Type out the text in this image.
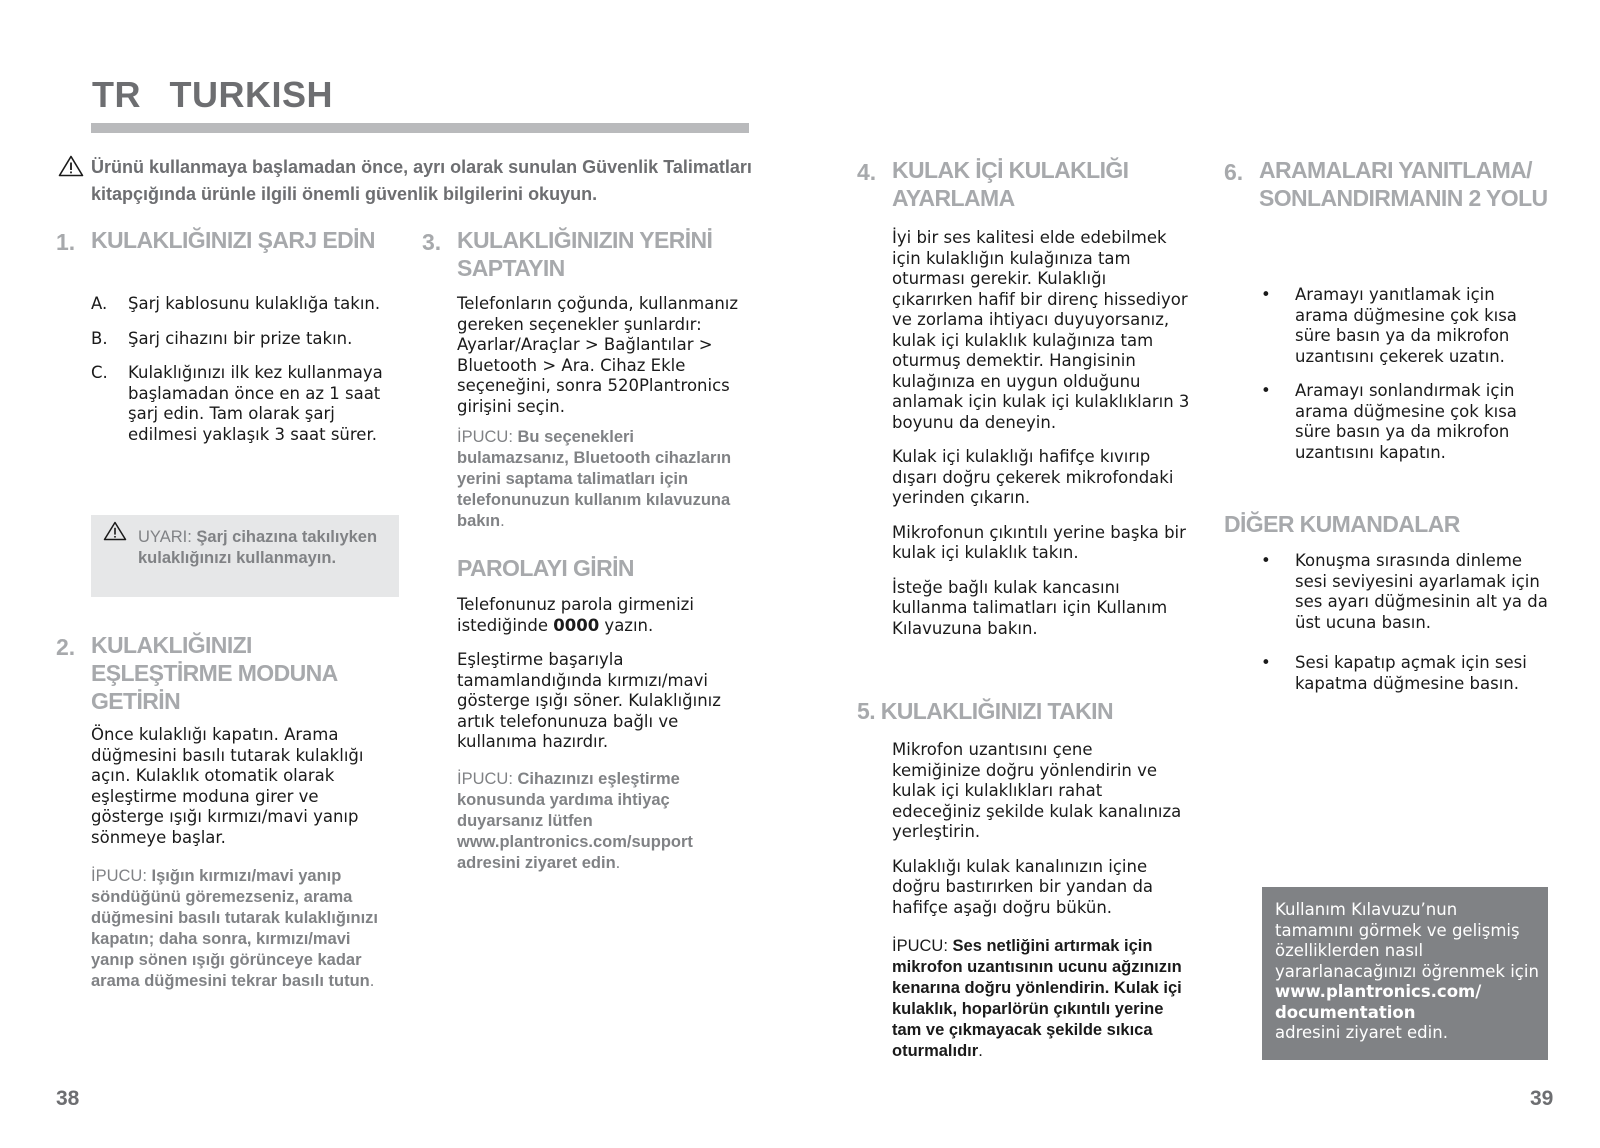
TR TURKISH
Ürünü kullanmaya başlamadan önce, ayrı olarak sunulan Güvenlik Talimatları kitapçığında ürünle ilgili önemli güvenlik bilgilerini okuyun.
1. KULAKLIĞINIZI ŞARJ EDİN
A. Şarj kablosunu kulaklığa takın.
B. Şarj cihazını bir prize takın.
C. Kulaklığınızı ilk kez kullanmaya başlamadan önce en az 1 saat şarj edin. Tam olarak şarj edilmesi yaklaşık 3 saat sürer.
UYARI: Şarj cihazına takılıyken kulaklığınızı kullanmayın.
2. KULAKLIĞINIZI EŞLEŞTİRME MODUNA GETİRİN
Önce kulaklığı kapatın. Arama düğmesini basılı tutarak kulaklığı açın. Kulaklık otomatik olarak eşleştirme moduna girer ve gösterge ışığı kırmızı/mavi yanıp sönmeye başlar.
İPUCU: Işığın kırmızı/mavi yanıp söndüğünü göremezseniz, arama düğmesini basılı tutarak kulaklığınızı kapatın; daha sonra, kırmızı/mavi yanıp sönen ışığı görünceye kadar arama düğmesini tekrar basılı tutun.
3. KULAKLIĞINIZIN YERİNİ SAPTAYIN
Telefonların çoğunda, kullanmanız gereken seçenekler şunlardır: Ayarlar/Araçlar > Bağlantılar > Bluetooth > Ara. Cihaz Ekle seçeneğini, sonra 520Plantronics girişini seçin.
İPUCU: Bu seçenekleri bulamazsanız, Bluetooth cihazların yerini saptama talimatları için telefonunuzun kullanım kılavuzuna bakın.
PAROLAYI GİRİN

Telefonunuz parola girmenizi istediğinde 0000 yazın.

Eşleştirme başarıyla tamamlandığında kırmızı/mavi gösterge ışığı söner. Kulaklığınız artık telefonunuza bağlı ve kullanıma hazırdır.

İPUCU: Cihazınızı eşleştirme konusunda yardıma ihtiyaç duyarsanız lütfen www.plantronics.com/support adresini ziyaret edin.
4. KULAK İÇİ KULAKLIĞI AYARLAMA

İyi bir ses kalitesi elde edebilmek için kulaklığın kulağınıza tam oturması gerekir. Kulaklığı çıkarırken hafif bir direnç hissediyor ve zorlama ihtiyacı duyuyorsanız, kulak içi kulaklık kulağınıza tam oturmuş demektir. Hangisinin kulağınıza en uygun olduğunu anlamak için kulak içi kulaklıkların 3 boyunu da deneyin.

Kulak içi kulaklığı hafifçe kıvırıp dışarı doğru çekerek mikrofondaki yerinden çıkarın.

Mikrofonun çıkıntılı yerine başka bir kulak içi kulaklık takın.

İsteğe bağlı kulak kancasını kullanma talimatları için Kullanım Kılavuzuna bakın.

5. KULAKLIĞINIZI TAKIN

Mikrofon uzantısını çene kemiğinize doğru yönlendirin ve kulak içi kulaklıkları rahat edeceğiniz şekilde kulak kanalınıza yerleştirin.

Kulaklığı kulak kanalınızın içine doğru bastırırken bir yandan da hafifçe aşağı doğru bükün.

İPUCU: Ses netliğini artırmak için mikrofon uzantısının ucunu ağzınızın kenarına doğru yönlendirin. Kulak içi kulaklık, hoparlörün çıkıntılı yerine tam ve çıkmayacak şekilde sıkıca oturmalıdır.
6. ARAMALARI YANITLAMA/ SONLANDIRMANIN 2 YOLU
• Aramayı yanıtlamak için arama düğmesine çok kısa süre basın ya da mikrofon uzantısını çekerek uzatın.
• Aramayı sonlandırmak için arama düğmesine çok kısa süre basın ya da mikrofon uzantısını kapatın.
DİĞER KUMANDALAR
• Konuşma sırasında dinleme sesi seviyesini ayarlamak için ses ayarı düğmesinin alt ya da üst ucuna basın.
• Sesi kapatıp açmak için sesi kapatma düğmesine basın.
Kullanım Kılavuzu’nun tamamını görmek ve gelişmiş özelliklerden nasıl yararlanacağınızı öğrenmek için www.plantronics.com/ documentation
adresini ziyaret edin.
38	39
